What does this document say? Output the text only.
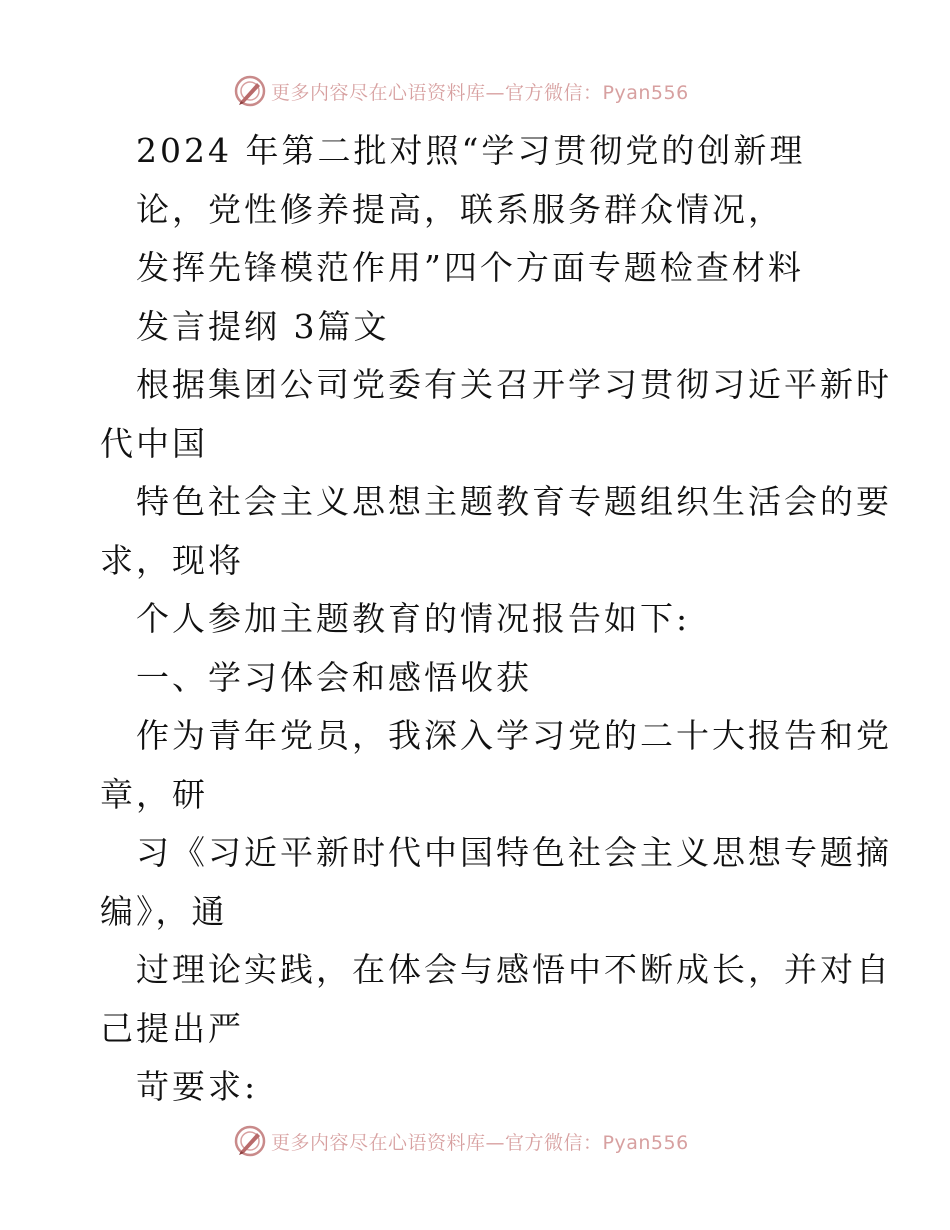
更多内容尽在心语资料库—官方微信：Pyan556
2024 年第二批对照“学习贯彻党的创新理
论，党性修养提高，联系服务群众情况，
发挥先锋模范作用”四个方面专题检查材料
发言提纲 3篇文
根据集团公司党委有关召开学习贯彻习近平新时
代中国
特色社会主义思想主题教育专题组织生活会的要
求，现将
个人参加主题教育的情况报告如下:
一、学习体会和感悟收获
作为青年党员，我深入学习党的二十大报告和党
章，研
习《习近平新时代中国特色社会主义思想专题摘
编》，通
过理论实践，在体会与感悟中不断成长，并对自
己提出严
苛要求:
更多内容尽在心语资料库—官方微信：Pyan556
